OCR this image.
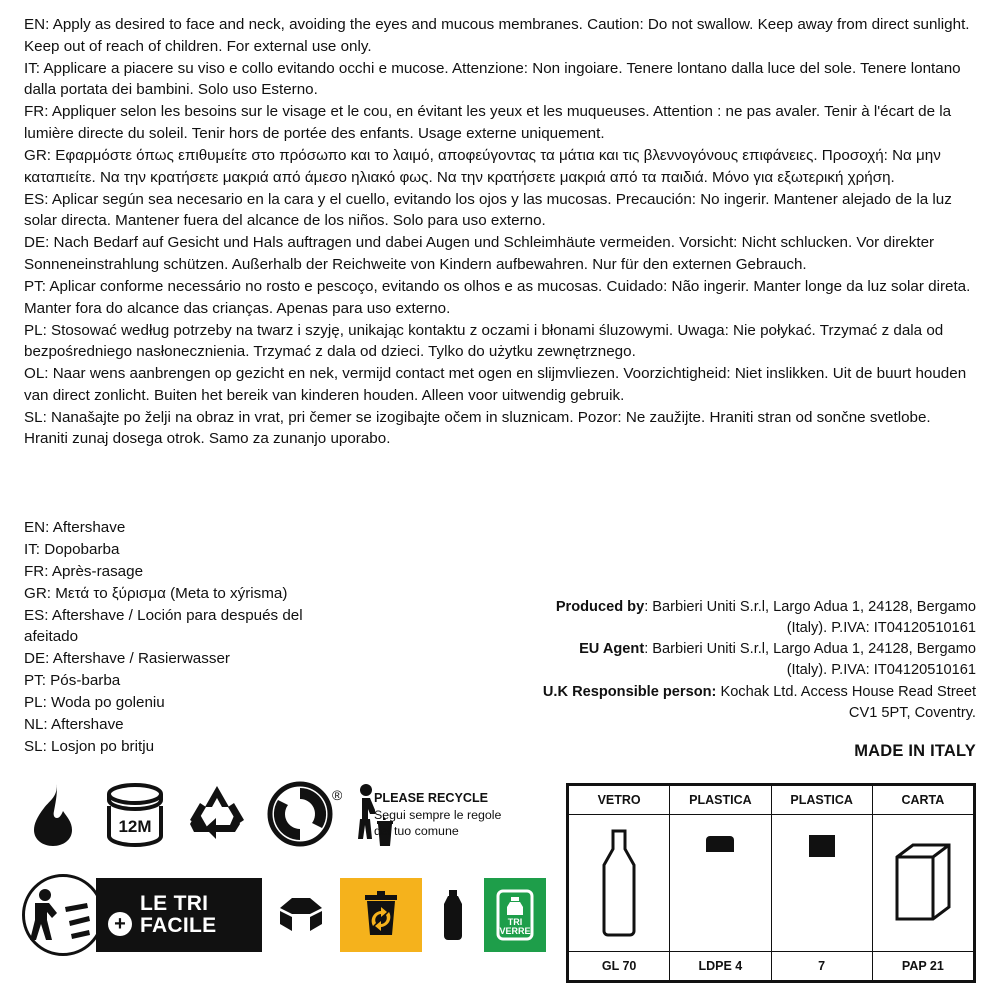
EN: Apply as desired to face and neck, avoiding the eyes and mucous membranes. Caution: Do not swallow. Keep away from direct sunlight. Keep out of reach of children. For external use only.

IT: Applicare a piacere su viso e collo evitando occhi e mucose. Attenzione: Non ingoiare. Tenere lontano dalla luce del sole. Tenere lontano dalla portata dei bambini. Solo uso Esterno.

FR: Appliquer selon les besoins sur le visage et le cou, en évitant les yeux et les muqueuses. Attention : ne pas avaler. Tenir à l'écart de la lumière directe du soleil. Tenir hors de portée des enfants. Usage externe uniquement.

GR: Εφαρμόστε όπως επιθυμείτε στο πρόσωπο και το λαιμό, αποφεύγοντας τα μάτια και τις βλεννογόνους επιφάνειες. Προσοχή: Να μην καταπιείτε. Να την κρατήσετε μακριά από άμεσο ηλιακό φως. Να την κρατήσετε μακριά από τα παιδιά. Μόνο για εξωτερική χρήση.

ES: Aplicar según sea necesario en la cara y el cuello, evitando los ojos y las mucosas. Precaución: No ingerir. Mantener alejado de la luz solar directa. Mantener fuera del alcance de los niños. Solo para uso externo.

DE: Nach Bedarf auf Gesicht und Hals auftragen und dabei Augen und Schleimhäute vermeiden. Vorsicht: Nicht schlucken. Vor direkter Sonneneinstrahlung schützen. Außerhalb der Reichweite von Kindern aufbewahren. Nur für den externen Gebrauch.

PT: Aplicar conforme necessário no rosto e pescoço, evitando os olhos e as mucosas. Cuidado: Não ingerir. Manter longe da luz solar direta. Manter fora do alcance das crianças. Apenas para uso externo.

PL: Stosować według potrzeby na twarz i szyję, unikając kontaktu z oczami i błonami śluzowymi. Uwaga: Nie połykać. Trzymać z dala od bezpośredniego nasłonecznienia. Trzymać z dala od dzieci. Tylko do użytku zewnętrznego.

OL: Naar wens aanbrengen op gezicht en nek, vermijd contact met ogen en slijmvliezen. Voorzichtigheid: Niet inslikken. Uit de buurt houden van direct zonlicht. Buiten het bereik van kinderen houden. Alleen voor uitwendig gebruik.

SL: Nanašajte po želji na obraz in vrat, pri čemer se izogibajte očem in sluznicam. Pozor: Ne zaužijte. Hraniti stran od sončne svetlobe. Hraniti zunaj dosega otrok. Samo za zunanjo uporabo.

EN: Aftershave

IT: Dopobarba

FR: Après-rasage

GR: Μετά το ξύρισμα (Meta to xýrisma)

ES: Aftershave / Loción para después del afeitado

DE: Aftershave / Rasierwasser

PT: Pós-barba

PL: Woda po goleniu

NL: Aftershave

SL: Losjon po britju

Produced by: Barbieri Uniti S.r.l, Largo Adua 1, 24128, Bergamo (Italy). P.IVA: IT04120510161

EU Agent: Barbieri Uniti S.r.l, Largo Adua 1, 24128, Bergamo (Italy). P.IVA: IT04120510161

U.K Responsible person: Kochak Ltd. Access House Read Street CV1 5PT, Coventry.

MADE IN ITALY
12M
®	PLEASE RECYCLE
Segui sempre le regole
del tuo comune
+
LE TRI
FACILE	TRI
VERRE
VETRO	PLASTICA	PLASTICA	CARTA

GL 70	LDPE 4	7	PAP 21
